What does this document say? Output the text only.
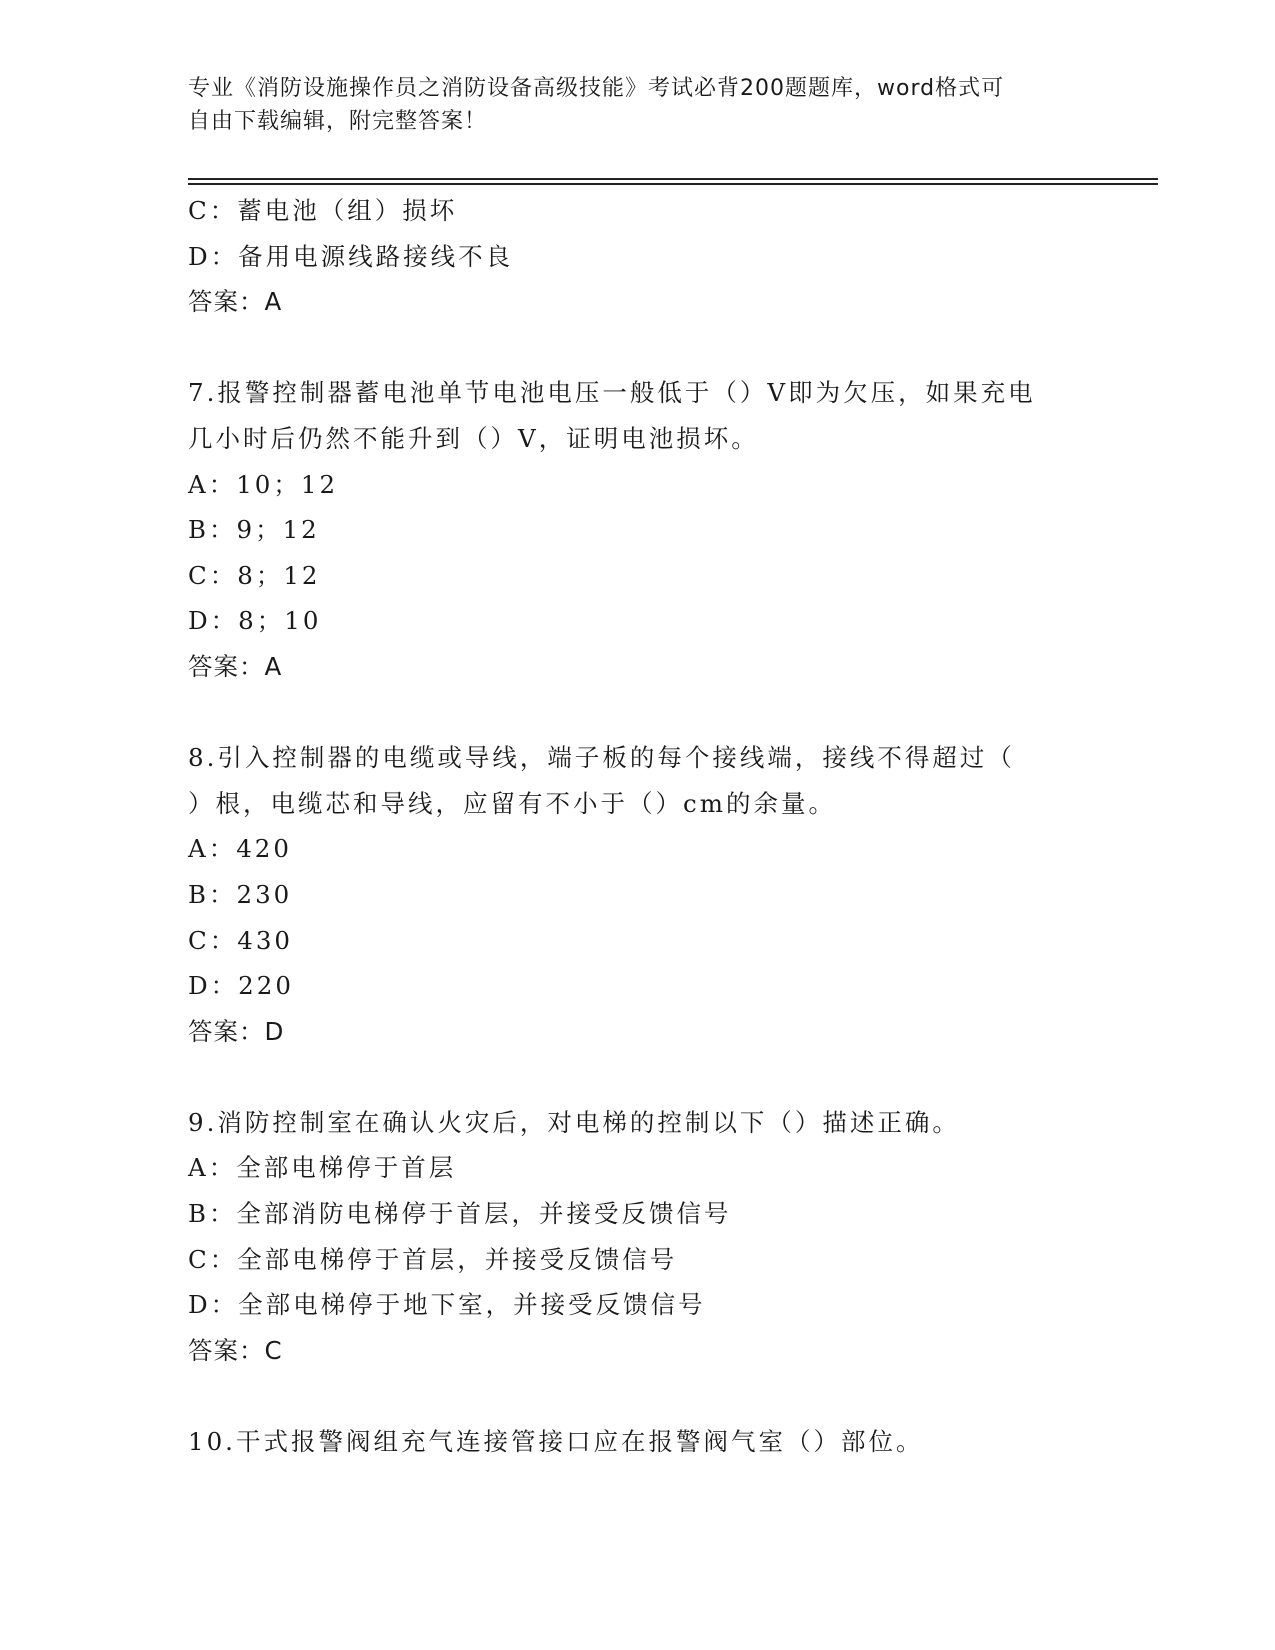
专业《消防设施操作员之消防设备高级技能》考试必背200题题库，word格式可
自由下载编辑，附完整答案！
C：蓄电池（组）损坏
D：备用电源线路接线不良
答案：A
7.报警控制器蓄电池单节电池电压一般低于（）V即为欠压，如果充电
几小时后仍然不能升到（）V，证明电池损坏。
A：10；12
B：9；12
C：8；12
D：8；10
答案：A
8.引入控制器的电缆或导线，端子板的每个接线端，接线不得超过（
）根，电缆芯和导线，应留有不小于（）cm的余量。
A：420
B：230
C：430
D：220
答案：D
9.消防控制室在确认火灾后，对电梯的控制以下（）描述正确。
A：全部电梯停于首层
B：全部消防电梯停于首层，并接受反馈信号
C：全部电梯停于首层，并接受反馈信号
D：全部电梯停于地下室，并接受反馈信号
答案：C
10.干式报警阀组充气连接管接口应在报警阀气室（）部位。
